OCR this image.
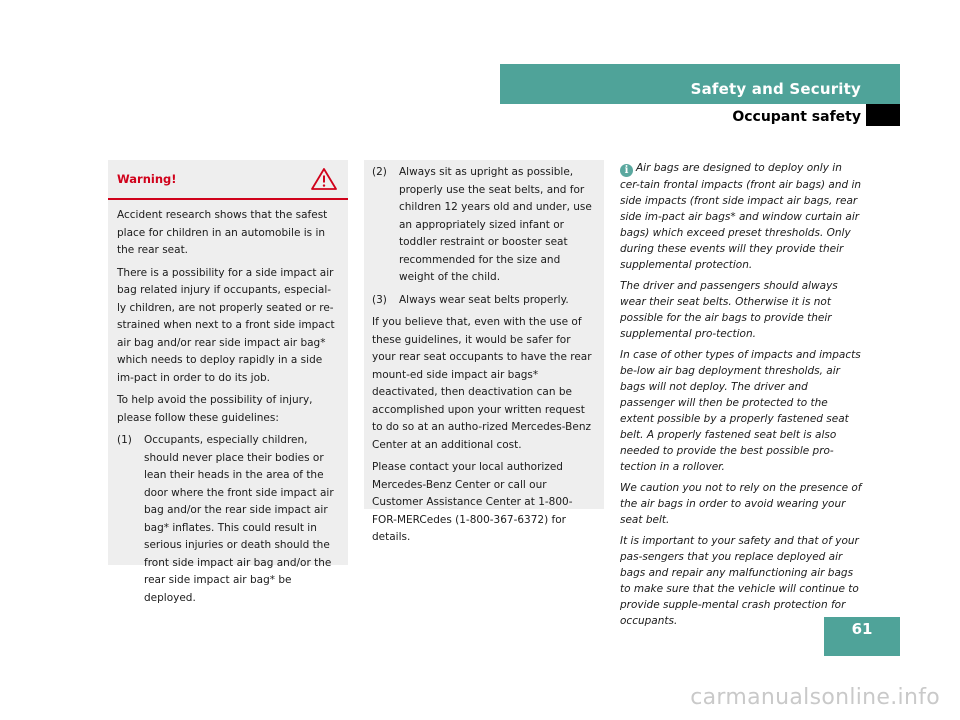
Safety and Security
Occupant safety
Warning!

Accident research shows that the safest place for children in an automobile is in the rear seat.

There is a possibility for a side impact air bag related injury if occupants, especial-ly children, are not properly seated or re-strained when next to a front side impact air bag and/or rear side impact air bag* which needs to deploy rapidly in a side im-pact in order to do its job.

To help avoid the possibility of injury, please follow these guidelines:

(1) Occupants, especially children, should never place their bodies or lean their heads in the area of the door where the front side impact air bag and/or the rear side impact air bag* inflates. This could result in serious injuries or death should the front side impact air bag and/or the rear side impact air bag* be deployed.
(2) Always sit as upright as possible, properly use the seat belts, and for children 12 years old and under, use an appropriately sized infant or toddler restraint or booster seat recommended for the size and weight of the child.
(3) Always wear seat belts properly.

If you believe that, even with the use of these guidelines, it would be safer for your rear seat occupants to have the rear mount-ed side impact air bags* deactivated, then deactivation can be accomplished upon your written request to do so at an autho-rized Mercedes-Benz Center at an additional cost.

Please contact your local authorized Mercedes-Benz Center or call our Customer Assistance Center at 1-800-FOR-MERCedes (1-800-367-6372) for details.

i Air bags are designed to deploy only in cer-tain frontal impacts (front air bags) and in side impacts (front side impact air bags, rear side im-pact air bags* and window curtain air bags) which exceed preset thresholds. Only during these events will they provide their supplemental protection.

The driver and passengers should always wear their seat belts. Otherwise it is not possible for the air bags to provide their supplemental pro-tection.

In case of other types of impacts and impacts be-low air bag deployment thresholds, air bags will not deploy. The driver and passenger will then be protected to the extent possible by a properly fastened seat belt. A properly fastened seat belt is also needed to provide the best possible pro-tection in a rollover.

We caution you not to rely on the presence of the air bags in order to avoid wearing your seat belt.

It is important to your safety and that of your pas-sengers that you replace deployed air bags and repair any malfunctioning air bags to make sure that the vehicle will continue to provide supple-mental crash protection for occupants.	61
carmanualsonline.info
